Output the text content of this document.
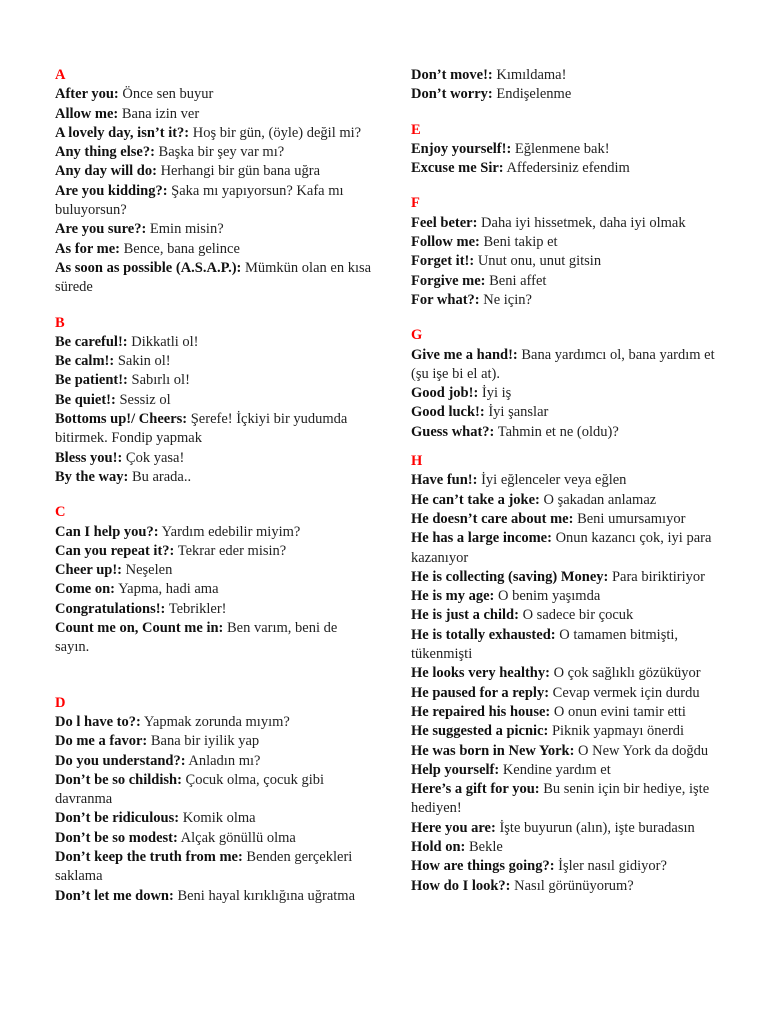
A
After you: Önce sen buyur
Allow me: Bana izin ver
A lovely day, isn’t it?: Hoş bir gün, (öyle) değil mi?
Any thing else?: Başka bir şey var mı?
Any day will do: Herhangi bir gün bana uğra
Are you kidding?: Şaka mı yapıyorsun? Kafa mı buluyorsun?
Are you sure?: Emin misin?
As for me: Bence, bana gelince
As soon as possible (A.S.A.P.): Mümkün olan en kısa sürede
B
Be careful!: Dikkatli ol!
Be calm!: Sakin ol!
Be patient!: Sabırlı ol!
Be quiet!: Sessiz ol
Bottoms up!/ Cheers: Şerefe! İçkiyi bir yudumda bitirmek. Fondip yapmak
Bless you!: Çok yasa!
By the way: Bu arada..
C
Can I help you?: Yardım edebilir miyim?
Can you repeat it?: Tekrar eder misin?
Cheer up!: Neşelen
Come on: Yapma, hadi ama
Congratulations!: Tebrikler!
Count me on, Count me in: Ben varım, beni de sayın.
D
Do l have to?: Yapmak zorunda mıyım?
Do me a favor: Bana bir iyilik yap
Do you understand?: Anladın mı?
Don’t be so childish: Çocuk olma, çocuk gibi davranma
Don’t be ridiculous: Komik olma
Don’t be so modest: Alçak gönüllü olma
Don’t keep the truth from me: Benden gerçekleri saklama
Don’t let me down: Beni hayal kırıklığına uğratma
Don’t move!: Kımıldama!
Don’t worry: Endişelenme
E
Enjoy yourself!: Eğlenmene bak!
Excuse me Sir: Affedersiniz efendim
F
Feel beter: Daha iyi hissetmek, daha iyi olmak
Follow me: Beni takip et
Forget it!: Unut onu, unut gitsin
Forgive me: Beni affet
For what?: Ne için?
G
Give me a hand!: Bana yardımcı ol, bana yardım et (şu işe bi el at).
Good job!: İyi iş
Good luck!: İyi şanslar
Guess what?: Tahmin et ne (oldu)?
H
Have fun!: İyi eğlenceler veya eğlen
He can’t take a joke: O şakadan anlamaz
He doesn’t care about me: Beni umursamıyor
He has a large income: Onun kazancı çok, iyi para kazanıyor
He is collecting (saving) Money: Para biriktiriyor
He is my age: O benim yaşımda
He is just a child: O sadece bir çocuk
He is totally exhausted: O tamamen bitmişti, tükenmişti
He looks very healthy: O çok sağlıklı gözüküyor
He paused for a reply: Cevap vermek için durdu
He repaired his house: O onun evini tamir etti
He suggested a picnic: Piknik yapmayı önerdi
He was born in New York: O New York da doğdu
Help yourself: Kendine yardım et
Here’s a gift for you: Bu senin için bir hediye, işte hediyen!
Here you are: İşte buyurun (alın), işte buradasın
Hold on: Bekle
How are things going?: İşler nasıl gidiyor?
How do I look?: Nasıl görünüyorum?
